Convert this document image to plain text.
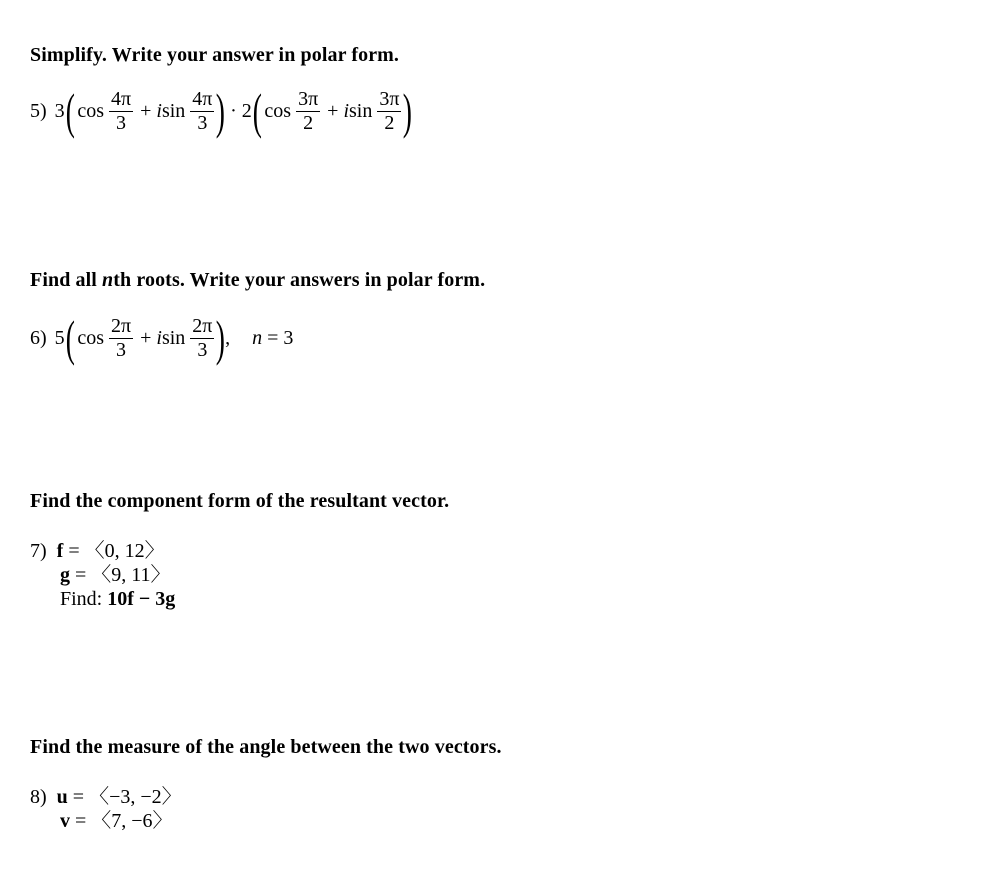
Simplify. Write your answer in polar form.
5) 3 ( $\cos \frac{4\pi}{3} + i$ $\sin \frac{4\pi}{3}$ ) · 2 ( $\cos \frac{3\pi}{2} + i$ $\sin \frac{3\pi}{2}$ )
Find all nth roots. Write your answers in polar form.
6) 5 ( $\cos \frac{2\pi}{3} + i$ $\sin \frac{2\pi}{3}$ ) , n = 3
Find the component form of the resultant vector.
7) f = 〈0, 12〉
g = 〈9, 11〉
Find: 10f − 3g
Find the measure of the angle between the two vectors.
8) u = 〈−3, −2〉
v = 〈7, −6〉
